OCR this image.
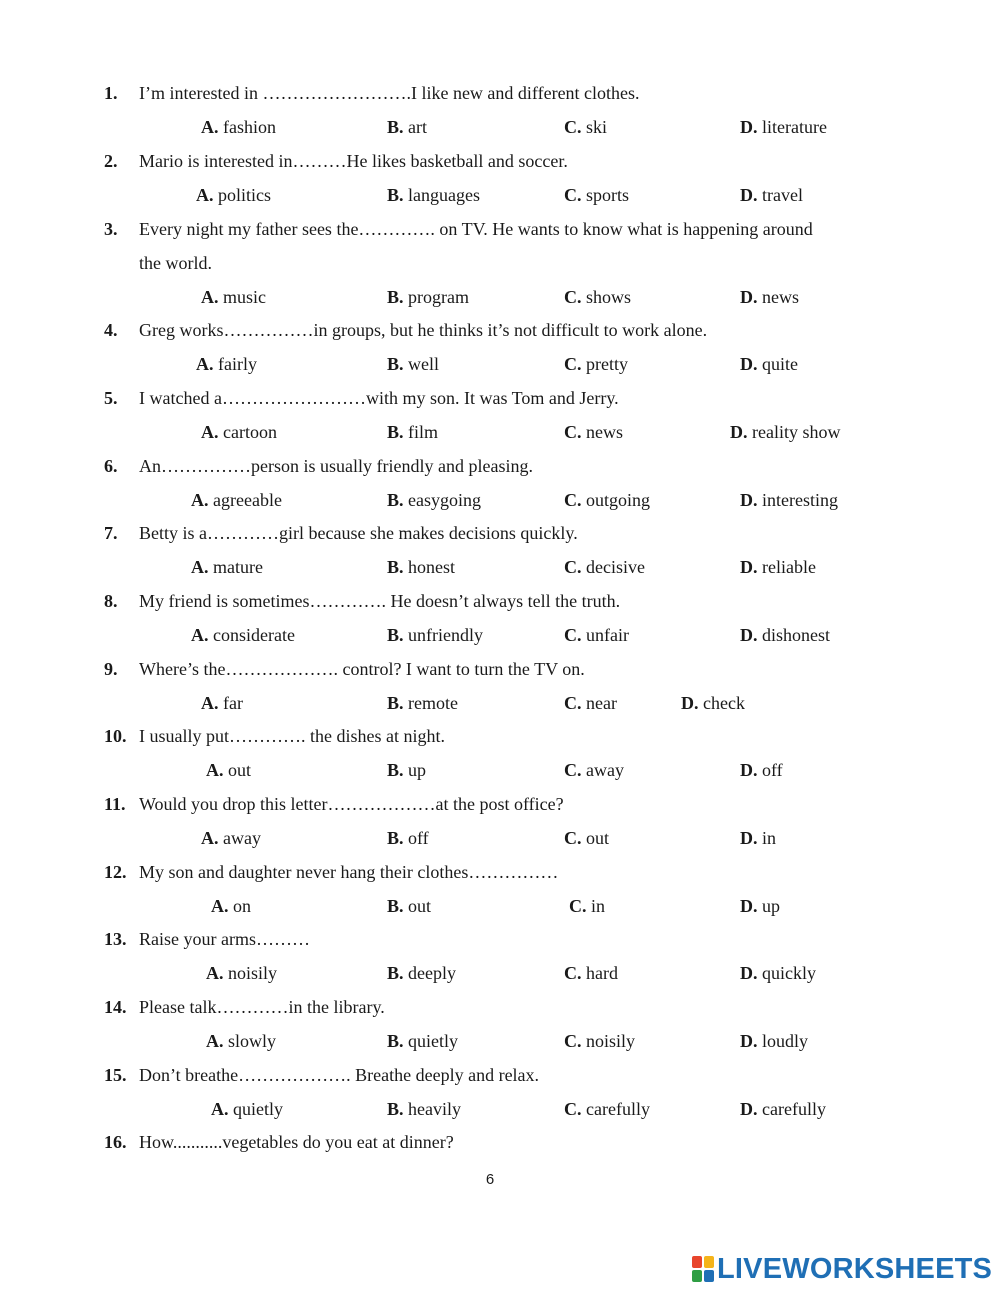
1. I’m interested in …………………….I like new and different clothes.
A. fashion	B. art	C. ski	D. literature
2. Mario is interested in………He likes basketball and soccer.
A. politics	B. languages	C. sports	D. travel
3. Every night my father sees the…………. on TV. He wants to know what is happening around
the world.
A. music	B. program	C. shows	D. news
4. Greg works……………in groups, but he thinks it’s not difficult to work alone.
A. fairly	B. well	C. pretty	D. quite
5. I watched a……………………with my son. It was Tom and Jerry.
A. cartoon	B. film	C. news	D. reality show
6. An……………person is usually friendly and pleasing.
A. agreeable	B. easygoing	C. outgoing	D. interesting
7. Betty is a…………girl because she makes decisions quickly.
A. mature	B. honest	C. decisive	D. reliable
8. My friend is sometimes…………. He doesn’t always tell the truth.
A. considerate	B. unfriendly	C. unfair	D. dishonest
9. Where’s the………………. control? I want to turn the TV on.
A. far	B. remote	C. near	D. check
10. I usually put…………. the dishes at night.
A. out	B. up	C. away	D. off
11. Would you drop this letter………………at the post office?
A. away	B. off	C. out	D. in
12. My son and daughter never hang their clothes……………
A. on	B. out	C. in	D. up
13. Raise your arms………
A. noisily	B. deeply	C. hard	D. quickly
14. Please talk…………in the library.
A. slowly	B. quietly	C. noisily	D. loudly
15. Don’t breathe………………. Breathe deeply and relax.
A. quietly	B. heavily	C. carefully	D. carefully
16. How...........vegetables do you eat at dinner?
6
LIVEWORKSHEETS
